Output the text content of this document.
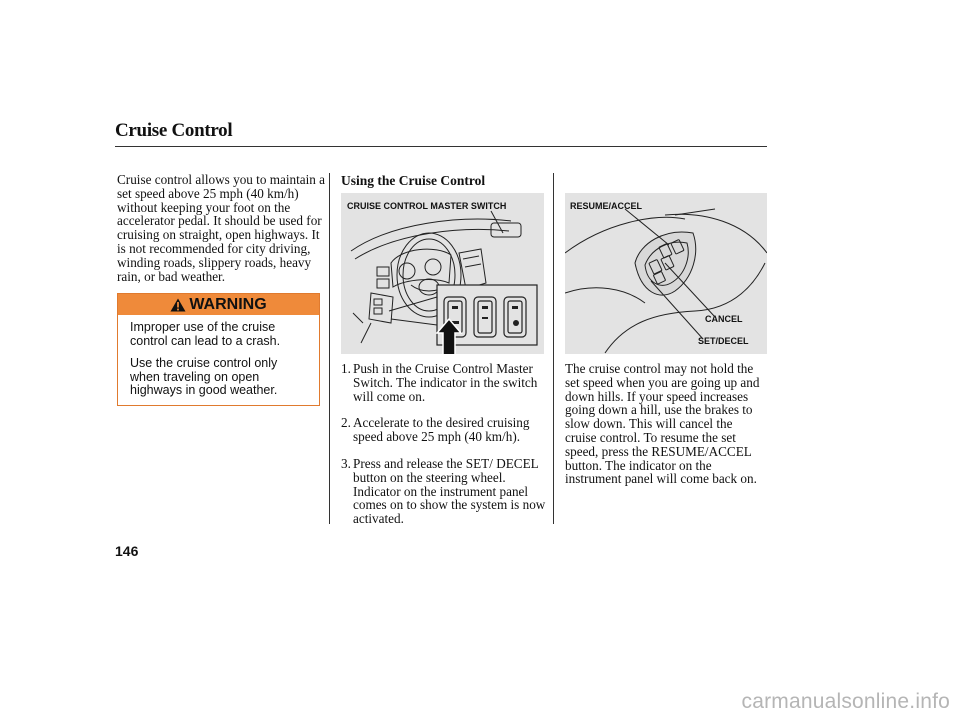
Cruise Control
Cruise control allows you to maintain a set speed above 25 mph (40 km/h) without keeping your foot on the accelerator pedal. It should be used for cruising on straight, open highways. It is not recommended for city driving, winding roads, slippery roads, heavy rain, or bad weather.
WARNING

Improper use of the cruise control can lead to a crash.

Use the cruise control only when traveling on open highways in good weather.

Using the Cruise Control
CRUISE CONTROL MASTER SWITCH	RESUME/ACCEL
CANCEL
SET/DECEL
1. Push in the Cruise Control Master Switch. The indicator in the switch will come on.
2. Accelerate to the desired cruising speed above 25 mph (40 km/h).
3. Press and release the SET/ DECEL button on the steering wheel. Indicator on the instrument panel comes on to show the system is now activated.
The cruise control may not hold the set speed when you are going up and down hills. If your speed increases going down a hill, use the brakes to slow down. This will cancel the cruise control. To resume the set speed, press the RESUME/ACCEL button. The indicator on the instrument panel will come back on.
146
carmanualsonline.info
